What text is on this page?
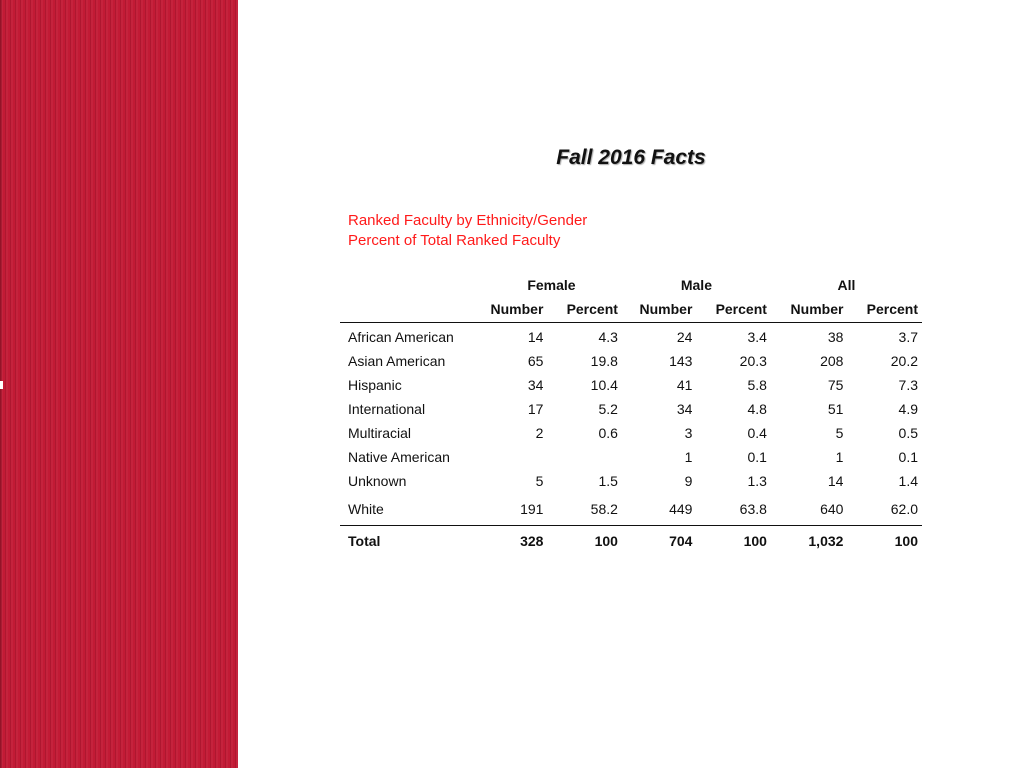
Fall 2016 Facts
Ranked Faculty by Ethnicity/Gender
Percent of Total Ranked Faculty
	Female		Male		All	
	Number	Percent	Number	Percent	Number	Percent
African American	14	4.3	24	3.4	38	3.7
Asian American	65	19.8	143	20.3	208	20.2
Hispanic	34	10.4	41	5.8	75	7.3
International	17	5.2	34	4.8	51	4.9
Multiracial	2	0.6	3	0.4	5	0.5
Native American			1	0.1	1	0.1
Unknown	5	1.5	9	1.3	14	1.4
White	191	58.2	449	63.8	640	62.0
Total	328	100	704	100	1,032	100
